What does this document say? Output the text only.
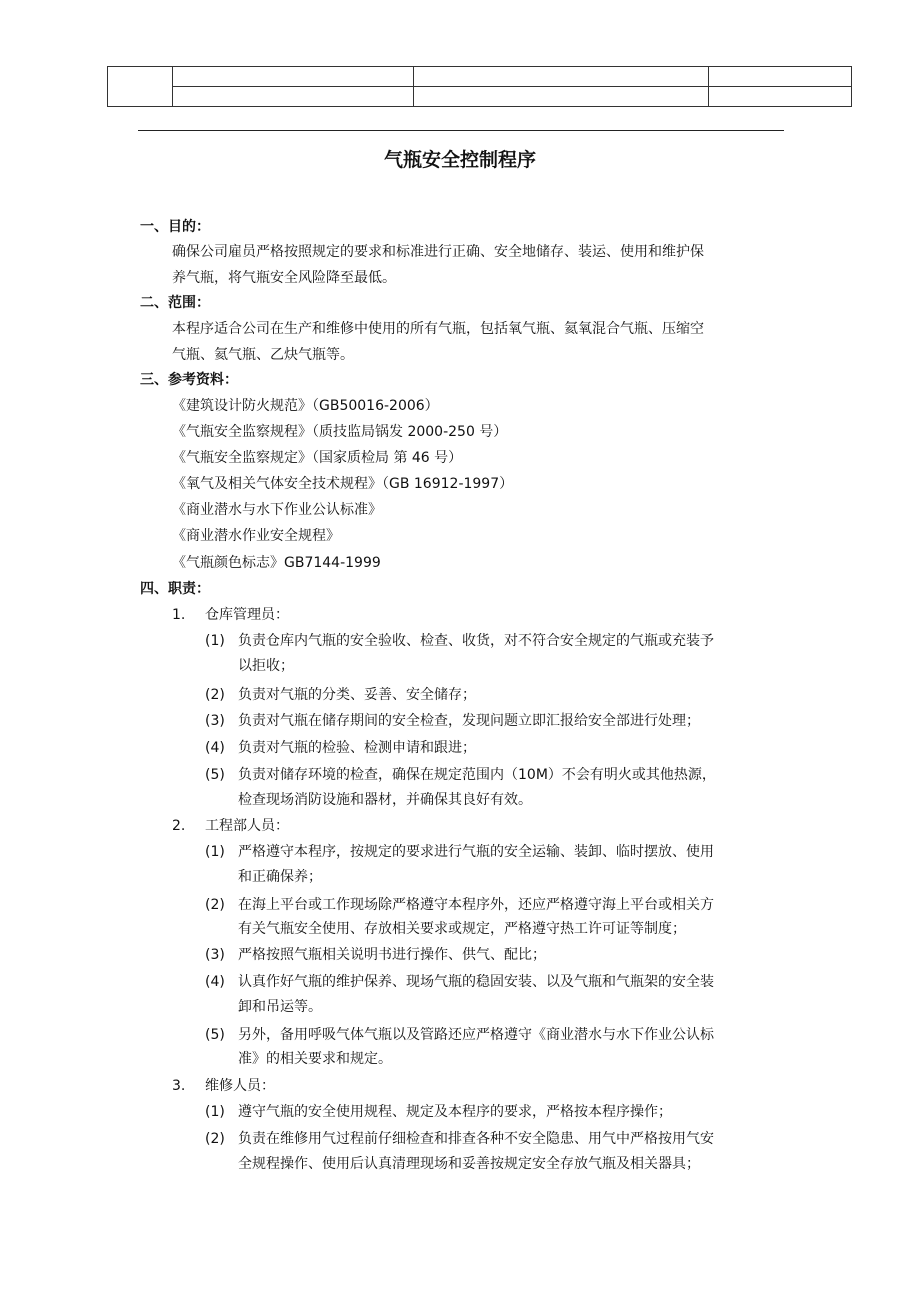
气瓶安全控制程序
一、目的：
确保公司雇员严格按照规定的要求和标准进行正确、安全地储存、装运、使用和维护保
养气瓶，将气瓶安全风险降至最低。
二、范围：
本程序适合公司在生产和维修中使用的所有气瓶，包括氧气瓶、氦氧混合气瓶、压缩空
气瓶、氦气瓶、乙炔气瓶等。
三、参考资料：
《建筑设计防火规范》（GB50016-2006）
《气瓶安全监察规程》（质技监局锅发 2000-250 号）
《气瓶安全监察规定》（国家质检局 第 46 号）
《氧气及相关气体安全技术规程》（GB 16912-1997）
《商业潜水与水下作业公认标准》
《商业潜水作业安全规程》
《气瓶颜色标志》GB7144-1999
四、职责：
1. 仓库管理员：
(1) 负责仓库内气瓶的安全验收、检查、收货，对不符合安全规定的气瓶或充装予
以拒收；
(2) 负责对气瓶的分类、妥善、安全储存；
(3) 负责对气瓶在储存期间的安全检查，发现问题立即汇报给安全部进行处理；
(4) 负责对气瓶的检验、检测申请和跟进；
(5) 负责对储存环境的检查，确保在规定范围内（10M）不会有明火或其他热源，
检查现场消防设施和器材，并确保其良好有效。
2. 工程部人员：
(1) 严格遵守本程序，按规定的要求进行气瓶的安全运输、装卸、临时摆放、使用
和正确保养；
(2) 在海上平台或工作现场除严格遵守本程序外，还应严格遵守海上平台或相关方
有关气瓶安全使用、存放相关要求或规定，严格遵守热工许可证等制度；
(3) 严格按照气瓶相关说明书进行操作、供气、配比；
(4) 认真作好气瓶的维护保养、现场气瓶的稳固安装、以及气瓶和气瓶架的安全装
卸和吊运等。
(5) 另外，备用呼吸气体气瓶以及管路还应严格遵守《商业潜水与水下作业公认标
准》的相关要求和规定。
3. 维修人员：
(1) 遵守气瓶的安全使用规程、规定及本程序的要求，严格按本程序操作；
(2) 负责在维修用气过程前仔细检查和排查各种不安全隐患、用气中严格按用气安
全规程操作、使用后认真清理现场和妥善按规定安全存放气瓶及相关器具；
